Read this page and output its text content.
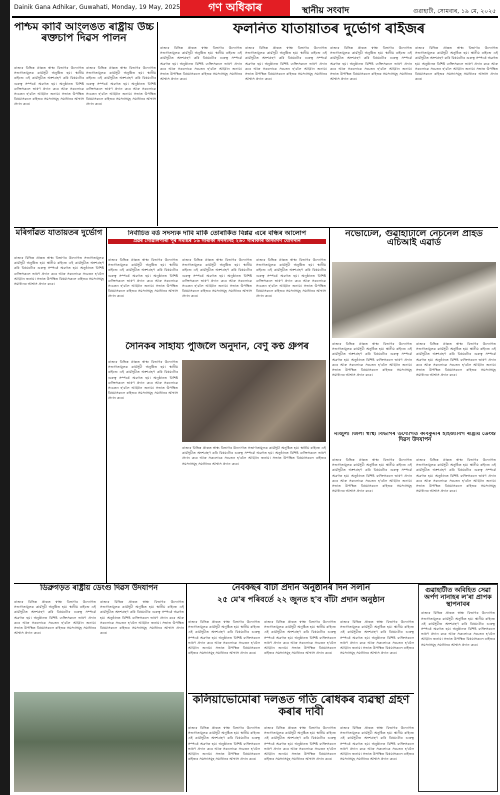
Dainik Gana Adhikar, Guwahati, Monday, 19 May, 2025	গণ অধিকাৰ	স্থানীয় সংবাদ	গুৱাহাটী, সোমবাৰ, ১৯ মে, ২০২৫
পশ্চিম কাৰ্বি আংলঙত ৰাষ্ট্ৰীয় উচ্চ ৰক্তচাপ দিৱস পালন
ৰাজ্যৰ বিভিন্ন প্ৰান্তত স্বাস্থ্য বিভাগৰ উদ্যোগত সজাগতামূলক কাৰ্যসূচী অনুষ্ঠিত হয়। স্থানীয় ৰাইজে এই কাৰ্যসূচীত অংশগ্ৰহণ কৰি বিষয়টোৰ গুৰুত্ব সম্পৰ্কে অৱগত হয়। অনুষ্ঠানত বিশিষ্ট ব্যক্তিসকলে ভাষণ প্ৰদান কৰে আৰু সকলোকে সচেতন হ'বলৈ আহ্বান জনায়। সভাত উপস্থিত বিষয়াসকলে ৰাইজৰ সমস্যাসমূহ সমাধানৰ আশ্বাস প্ৰদান কৰে।
ৰাজ্যৰ বিভিন্ন প্ৰান্তত স্বাস্থ্য বিভাগৰ উদ্যোগত সজাগতামূলক কাৰ্যসূচী অনুষ্ঠিত হয়। স্থানীয় ৰাইজে এই কাৰ্যসূচীত অংশগ্ৰহণ কৰি বিষয়টোৰ গুৰুত্ব সম্পৰ্কে অৱগত হয়। অনুষ্ঠানত বিশিষ্ট ব্যক্তিসকলে ভাষণ প্ৰদান কৰে আৰু সকলোকে সচেতন হ'বলৈ আহ্বান জনায়। সভাত উপস্থিত বিষয়াসকলে ৰাইজৰ সমস্যাসমূহ সমাধানৰ আশ্বাস প্ৰদান কৰে।
ফলনিত যাতায়াতৰ দুৰ্ভোগ ৰাইজৰ
ৰাজ্যৰ বিভিন্ন প্ৰান্তত স্বাস্থ্য বিভাগৰ উদ্যোগত সজাগতামূলক কাৰ্যসূচী অনুষ্ঠিত হয়। স্থানীয় ৰাইজে এই কাৰ্যসূচীত অংশগ্ৰহণ কৰি বিষয়টোৰ গুৰুত্ব সম্পৰ্কে অৱগত হয়। অনুষ্ঠানত বিশিষ্ট ব্যক্তিসকলে ভাষণ প্ৰদান কৰে আৰু সকলোকে সচেতন হ'বলৈ আহ্বান জনায়। সভাত উপস্থিত বিষয়াসকলে ৰাইজৰ সমস্যাসমূহ সমাধানৰ আশ্বাস প্ৰদান কৰে।
ৰাজ্যৰ বিভিন্ন প্ৰান্তত স্বাস্থ্য বিভাগৰ উদ্যোগত সজাগতামূলক কাৰ্যসূচী অনুষ্ঠিত হয়। স্থানীয় ৰাইজে এই কাৰ্যসূচীত অংশগ্ৰহণ কৰি বিষয়টোৰ গুৰুত্ব সম্পৰ্কে অৱগত হয়। অনুষ্ঠানত বিশিষ্ট ব্যক্তিসকলে ভাষণ প্ৰদান কৰে আৰু সকলোকে সচেতন হ'বলৈ আহ্বান জনায়। সভাত উপস্থিত বিষয়াসকলে ৰাইজৰ সমস্যাসমূহ সমাধানৰ আশ্বাস প্ৰদান কৰে।
ৰাজ্যৰ বিভিন্ন প্ৰান্তত স্বাস্থ্য বিভাগৰ উদ্যোগত সজাগতামূলক কাৰ্যসূচী অনুষ্ঠিত হয়। স্থানীয় ৰাইজে এই কাৰ্যসূচীত অংশগ্ৰহণ কৰি বিষয়টোৰ গুৰুত্ব সম্পৰ্কে অৱগত হয়। অনুষ্ঠানত বিশিষ্ট ব্যক্তিসকলে ভাষণ প্ৰদান কৰে আৰু সকলোকে সচেতন হ'বলৈ আহ্বান জনায়। সভাত উপস্থিত বিষয়াসকলে ৰাইজৰ সমস্যাসমূহ সমাধানৰ আশ্বাস প্ৰদান কৰে।
ৰাজ্যৰ বিভিন্ন প্ৰান্তত স্বাস্থ্য বিভাগৰ উদ্যোগত সজাগতামূলক কাৰ্যসূচী অনুষ্ঠিত হয়। স্থানীয় ৰাইজে এই কাৰ্যসূচীত অংশগ্ৰহণ কৰি বিষয়টোৰ গুৰুত্ব সম্পৰ্কে অৱগত হয়। অনুষ্ঠানত বিশিষ্ট ব্যক্তিসকলে ভাষণ প্ৰদান কৰে আৰু সকলোকে সচেতন হ'বলৈ আহ্বান জনায়। সভাত উপস্থিত বিষয়াসকলে ৰাইজৰ সমস্যাসমূহ সমাধানৰ আশ্বাস প্ৰদান কৰে।
মৰিগাঁৱত যাতায়তৰ দুৰ্ভোগ
ৰাজ্যৰ বিভিন্ন প্ৰান্তত স্বাস্থ্য বিভাগৰ উদ্যোগত সজাগতামূলক কাৰ্যসূচী অনুষ্ঠিত হয়। স্থানীয় ৰাইজে এই কাৰ্যসূচীত অংশগ্ৰহণ কৰি বিষয়টোৰ গুৰুত্ব সম্পৰ্কে অৱগত হয়। অনুষ্ঠানত বিশিষ্ট ব্যক্তিসকলে ভাষণ প্ৰদান কৰে আৰু সকলোকে সচেতন হ'বলৈ আহ্বান জনায়। সভাত উপস্থিত বিষয়াসকলে ৰাইজৰ সমস্যাসমূহ সমাধানৰ আশ্বাস প্ৰদান কৰে।
নভোটেল, গুৱাহাটীলৈ নেচনেল প্ৰাইড এচিআই এৱাৰ্ড
ৰাজ্যৰ বিভিন্ন প্ৰান্তত স্বাস্থ্য বিভাগৰ উদ্যোগত সজাগতামূলক কাৰ্যসূচী অনুষ্ঠিত হয়। স্থানীয় ৰাইজে এই কাৰ্যসূচীত অংশগ্ৰহণ কৰি বিষয়টোৰ গুৰুত্ব সম্পৰ্কে অৱগত হয়। অনুষ্ঠানত বিশিষ্ট ব্যক্তিসকলে ভাষণ প্ৰদান কৰে আৰু সকলোকে সচেতন হ'বলৈ আহ্বান জনায়। সভাত উপস্থিত বিষয়াসকলে ৰাইজৰ সমস্যাসমূহ সমাধানৰ আশ্বাস প্ৰদান কৰে।
ৰাজ্যৰ বিভিন্ন প্ৰান্তত স্বাস্থ্য বিভাগৰ উদ্যোগত সজাগতামূলক কাৰ্যসূচী অনুষ্ঠিত হয়। স্থানীয় ৰাইজে এই কাৰ্যসূচীত অংশগ্ৰহণ কৰি বিষয়টোৰ গুৰুত্ব সম্পৰ্কে অৱগত হয়। অনুষ্ঠানত বিশিষ্ট ব্যক্তিসকলে ভাষণ প্ৰদান কৰে আৰু সকলোকে সচেতন হ'বলৈ আহ্বান জনায়। সভাত উপস্থিত বিষয়াসকলে ৰাইজৰ সমস্যাসমূহ সমাধানৰ আশ্বাস প্ৰদান কৰে।
নিৰ্বাচিত বৰ্ড সদস্যক দাবি মাৰ্কি তোৰাৰ্কিত বিপ্লৱ এৰে বন্ধিৰ আলোপ
প্ৰৱৰ গোৱালপাৰা পূৰ সমষ্টিৰ ১৬ গাৰাকী সদস্যসহ ২৬০ গাৰাকীৰ অসমগণ যোগদান
ৰাজ্যৰ বিভিন্ন প্ৰান্তত স্বাস্থ্য বিভাগৰ উদ্যোগত সজাগতামূলক কাৰ্যসূচী অনুষ্ঠিত হয়। স্থানীয় ৰাইজে এই কাৰ্যসূচীত অংশগ্ৰহণ কৰি বিষয়টোৰ গুৰুত্ব সম্পৰ্কে অৱগত হয়। অনুষ্ঠানত বিশিষ্ট ব্যক্তিসকলে ভাষণ প্ৰদান কৰে আৰু সকলোকে সচেতন হ'বলৈ আহ্বান জনায়। সভাত উপস্থিত বিষয়াসকলে ৰাইজৰ সমস্যাসমূহ সমাধানৰ আশ্বাস প্ৰদান কৰে।
ৰাজ্যৰ বিভিন্ন প্ৰান্তত স্বাস্থ্য বিভাগৰ উদ্যোগত সজাগতামূলক কাৰ্যসূচী অনুষ্ঠিত হয়। স্থানীয় ৰাইজে এই কাৰ্যসূচীত অংশগ্ৰহণ কৰি বিষয়টোৰ গুৰুত্ব সম্পৰ্কে অৱগত হয়। অনুষ্ঠানত বিশিষ্ট ব্যক্তিসকলে ভাষণ প্ৰদান কৰে আৰু সকলোকে সচেতন হ'বলৈ আহ্বান জনায়। সভাত উপস্থিত বিষয়াসকলে ৰাইজৰ সমস্যাসমূহ সমাধানৰ আশ্বাস প্ৰদান কৰে।
ৰাজ্যৰ বিভিন্ন প্ৰান্তত স্বাস্থ্য বিভাগৰ উদ্যোগত সজাগতামূলক কাৰ্যসূচী অনুষ্ঠিত হয়। স্থানীয় ৰাইজে এই কাৰ্যসূচীত অংশগ্ৰহণ কৰি বিষয়টোৰ গুৰুত্ব সম্পৰ্কে অৱগত হয়। অনুষ্ঠানত বিশিষ্ট ব্যক্তিসকলে ভাষণ প্ৰদান কৰে আৰু সকলোকে সচেতন হ'বলৈ আহ্বান জনায়। সভাত উপস্থিত বিষয়াসকলে ৰাইজৰ সমস্যাসমূহ সমাধানৰ আশ্বাস প্ৰদান কৰে।
সৈনিকৰ সাহায্য পুঁজিলৈ অনুদান, বেণু কণ্ঠ গ্ৰুপৰ
ৰাজ্যৰ বিভিন্ন প্ৰান্তত স্বাস্থ্য বিভাগৰ উদ্যোগত সজাগতামূলক কাৰ্যসূচী অনুষ্ঠিত হয়। স্থানীয় ৰাইজে এই কাৰ্যসূচীত অংশগ্ৰহণ কৰি বিষয়টোৰ গুৰুত্ব সম্পৰ্কে অৱগত হয়। অনুষ্ঠানত বিশিষ্ট ব্যক্তিসকলে ভাষণ প্ৰদান কৰে আৰু সকলোকে সচেতন হ'বলৈ আহ্বান জনায়। সভাত উপস্থিত বিষয়াসকলে ৰাইজৰ সমস্যাসমূহ সমাধানৰ আশ্বাস প্ৰদান কৰে।
ৰাজ্যৰ বিভিন্ন প্ৰান্তত স্বাস্থ্য বিভাগৰ উদ্যোগত সজাগতামূলক কাৰ্যসূচী অনুষ্ঠিত হয়। স্থানীয় ৰাইজে এই কাৰ্যসূচীত অংশগ্ৰহণ কৰি বিষয়টোৰ গুৰুত্ব সম্পৰ্কে অৱগত হয়। অনুষ্ঠানত বিশিষ্ট ব্যক্তিসকলে ভাষণ প্ৰদান কৰে আৰু সকলোকে সচেতন হ'বলৈ আহ্বান জনায়। সভাত উপস্থিত বিষয়াসকলে ৰাইজৰ সমস্যাসমূহ সমাধানৰ আশ্বাস প্ৰদান কৰে।
মাজুলী জিলা স্বাস্থ্য বিভাগৰ উদ্যোগত কৰ্বিকুমাৰ হাইজ্যাবগ ৰাষ্ট্ৰীয় ডেংগু দিৱস উদযাপন
ৰাজ্যৰ বিভিন্ন প্ৰান্তত স্বাস্থ্য বিভাগৰ উদ্যোগত সজাগতামূলক কাৰ্যসূচী অনুষ্ঠিত হয়। স্থানীয় ৰাইজে এই কাৰ্যসূচীত অংশগ্ৰহণ কৰি বিষয়টোৰ গুৰুত্ব সম্পৰ্কে অৱগত হয়। অনুষ্ঠানত বিশিষ্ট ব্যক্তিসকলে ভাষণ প্ৰদান কৰে আৰু সকলোকে সচেতন হ'বলৈ আহ্বান জনায়। সভাত উপস্থিত বিষয়াসকলে ৰাইজৰ সমস্যাসমূহ সমাধানৰ আশ্বাস প্ৰদান কৰে।
ৰাজ্যৰ বিভিন্ন প্ৰান্তত স্বাস্থ্য বিভাগৰ উদ্যোগত সজাগতামূলক কাৰ্যসূচী অনুষ্ঠিত হয়। স্থানীয় ৰাইজে এই কাৰ্যসূচীত অংশগ্ৰহণ কৰি বিষয়টোৰ গুৰুত্ব সম্পৰ্কে অৱগত হয়। অনুষ্ঠানত বিশিষ্ট ব্যক্তিসকলে ভাষণ প্ৰদান কৰে আৰু সকলোকে সচেতন হ'বলৈ আহ্বান জনায়। সভাত উপস্থিত বিষয়াসকলে ৰাইজৰ সমস্যাসমূহ সমাধানৰ আশ্বাস প্ৰদান কৰে।
ডিব্ৰুগড়ত ৰাষ্ট্ৰীয় ডেংগু দিৱস উদযাপন
ৰাজ্যৰ বিভিন্ন প্ৰান্তত স্বাস্থ্য বিভাগৰ উদ্যোগত সজাগতামূলক কাৰ্যসূচী অনুষ্ঠিত হয়। স্থানীয় ৰাইজে এই কাৰ্যসূচীত অংশগ্ৰহণ কৰি বিষয়টোৰ গুৰুত্ব সম্পৰ্কে অৱগত হয়। অনুষ্ঠানত বিশিষ্ট ব্যক্তিসকলে ভাষণ প্ৰদান কৰে আৰু সকলোকে সচেতন হ'বলৈ আহ্বান জনায়। সভাত উপস্থিত বিষয়াসকলে ৰাইজৰ সমস্যাসমূহ সমাধানৰ আশ্বাস প্ৰদান কৰে।
ৰাজ্যৰ বিভিন্ন প্ৰান্তত স্বাস্থ্য বিভাগৰ উদ্যোগত সজাগতামূলক কাৰ্যসূচী অনুষ্ঠিত হয়। স্থানীয় ৰাইজে এই কাৰ্যসূচীত অংশগ্ৰহণ কৰি বিষয়টোৰ গুৰুত্ব সম্পৰ্কে অৱগত হয়। অনুষ্ঠানত বিশিষ্ট ব্যক্তিসকলে ভাষণ প্ৰদান কৰে আৰু সকলোকে সচেতন হ'বলৈ আহ্বান জনায়। সভাত উপস্থিত বিষয়াসকলে ৰাইজৰ সমস্যাসমূহ সমাধানৰ আশ্বাস প্ৰদান কৰে।
নেবকছৰ বাঁটা প্ৰদান অনুষ্ঠানৰ দিন সলনি
২৫ মে'ৰ পৰিবৰ্তে ২২ জুনত হ'ব বাঁটা প্ৰদান অনুষ্ঠান
ৰাজ্যৰ বিভিন্ন প্ৰান্তত স্বাস্থ্য বিভাগৰ উদ্যোগত সজাগতামূলক কাৰ্যসূচী অনুষ্ঠিত হয়। স্থানীয় ৰাইজে এই কাৰ্যসূচীত অংশগ্ৰহণ কৰি বিষয়টোৰ গুৰুত্ব সম্পৰ্কে অৱগত হয়। অনুষ্ঠানত বিশিষ্ট ব্যক্তিসকলে ভাষণ প্ৰদান কৰে আৰু সকলোকে সচেতন হ'বলৈ আহ্বান জনায়। সভাত উপস্থিত বিষয়াসকলে ৰাইজৰ সমস্যাসমূহ সমাধানৰ আশ্বাস প্ৰদান কৰে।
ৰাজ্যৰ বিভিন্ন প্ৰান্তত স্বাস্থ্য বিভাগৰ উদ্যোগত সজাগতামূলক কাৰ্যসূচী অনুষ্ঠিত হয়। স্থানীয় ৰাইজে এই কাৰ্যসূচীত অংশগ্ৰহণ কৰি বিষয়টোৰ গুৰুত্ব সম্পৰ্কে অৱগত হয়। অনুষ্ঠানত বিশিষ্ট ব্যক্তিসকলে ভাষণ প্ৰদান কৰে আৰু সকলোকে সচেতন হ'বলৈ আহ্বান জনায়। সভাত উপস্থিত বিষয়াসকলে ৰাইজৰ সমস্যাসমূহ সমাধানৰ আশ্বাস প্ৰদান কৰে।
ৰাজ্যৰ বিভিন্ন প্ৰান্তত স্বাস্থ্য বিভাগৰ উদ্যোগত সজাগতামূলক কাৰ্যসূচী অনুষ্ঠিত হয়। স্থানীয় ৰাইজে এই কাৰ্যসূচীত অংশগ্ৰহণ কৰি বিষয়টোৰ গুৰুত্ব সম্পৰ্কে অৱগত হয়। অনুষ্ঠানত বিশিষ্ট ব্যক্তিসকলে ভাষণ প্ৰদান কৰে আৰু সকলোকে সচেতন হ'বলৈ আহ্বান জনায়। সভাত উপস্থিত বিষয়াসকলে ৰাইজৰ সমস্যাসমূহ সমাধানৰ আশ্বাস প্ৰদান কৰে।
গুৱাহাটীত অবিহিত সেৱা অৰ্পণ নানাহৰ ল'ৰা প্ৰাপক স্থাপনাবৰ
ৰাজ্যৰ বিভিন্ন প্ৰান্তত স্বাস্থ্য বিভাগৰ উদ্যোগত সজাগতামূলক কাৰ্যসূচী অনুষ্ঠিত হয়। স্থানীয় ৰাইজে এই কাৰ্যসূচীত অংশগ্ৰহণ কৰি বিষয়টোৰ গুৰুত্ব সম্পৰ্কে অৱগত হয়। অনুষ্ঠানত বিশিষ্ট ব্যক্তিসকলে ভাষণ প্ৰদান কৰে আৰু সকলোকে সচেতন হ'বলৈ আহ্বান জনায়। সভাত উপস্থিত বিষয়াসকলে ৰাইজৰ সমস্যাসমূহ সমাধানৰ আশ্বাস প্ৰদান কৰে।
কলিয়াভোমোৰা দলঙত গতি ৰোধকৰ ব্যৱস্থা গ্ৰহণ কৰাৰ দাবী
ৰাজ্যৰ বিভিন্ন প্ৰান্তত স্বাস্থ্য বিভাগৰ উদ্যোগত সজাগতামূলক কাৰ্যসূচী অনুষ্ঠিত হয়। স্থানীয় ৰাইজে এই কাৰ্যসূচীত অংশগ্ৰহণ কৰি বিষয়টোৰ গুৰুত্ব সম্পৰ্কে অৱগত হয়। অনুষ্ঠানত বিশিষ্ট ব্যক্তিসকলে ভাষণ প্ৰদান কৰে আৰু সকলোকে সচেতন হ'বলৈ আহ্বান জনায়। সভাত উপস্থিত বিষয়াসকলে ৰাইজৰ সমস্যাসমূহ সমাধানৰ আশ্বাস প্ৰদান কৰে।
ৰাজ্যৰ বিভিন্ন প্ৰান্তত স্বাস্থ্য বিভাগৰ উদ্যোগত সজাগতামূলক কাৰ্যসূচী অনুষ্ঠিত হয়। স্থানীয় ৰাইজে এই কাৰ্যসূচীত অংশগ্ৰহণ কৰি বিষয়টোৰ গুৰুত্ব সম্পৰ্কে অৱগত হয়। অনুষ্ঠানত বিশিষ্ট ব্যক্তিসকলে ভাষণ প্ৰদান কৰে আৰু সকলোকে সচেতন হ'বলৈ আহ্বান জনায়। সভাত উপস্থিত বিষয়াসকলে ৰাইজৰ সমস্যাসমূহ সমাধানৰ আশ্বাস প্ৰদান কৰে।
ৰাজ্যৰ বিভিন্ন প্ৰান্তত স্বাস্থ্য বিভাগৰ উদ্যোগত সজাগতামূলক কাৰ্যসূচী অনুষ্ঠিত হয়। স্থানীয় ৰাইজে এই কাৰ্যসূচীত অংশগ্ৰহণ কৰি বিষয়টোৰ গুৰুত্ব সম্পৰ্কে অৱগত হয়। অনুষ্ঠানত বিশিষ্ট ব্যক্তিসকলে ভাষণ প্ৰদান কৰে আৰু সকলোকে সচেতন হ'বলৈ আহ্বান জনায়। সভাত উপস্থিত বিষয়াসকলে ৰাইজৰ সমস্যাসমূহ সমাধানৰ আশ্বাস প্ৰদান কৰে।
